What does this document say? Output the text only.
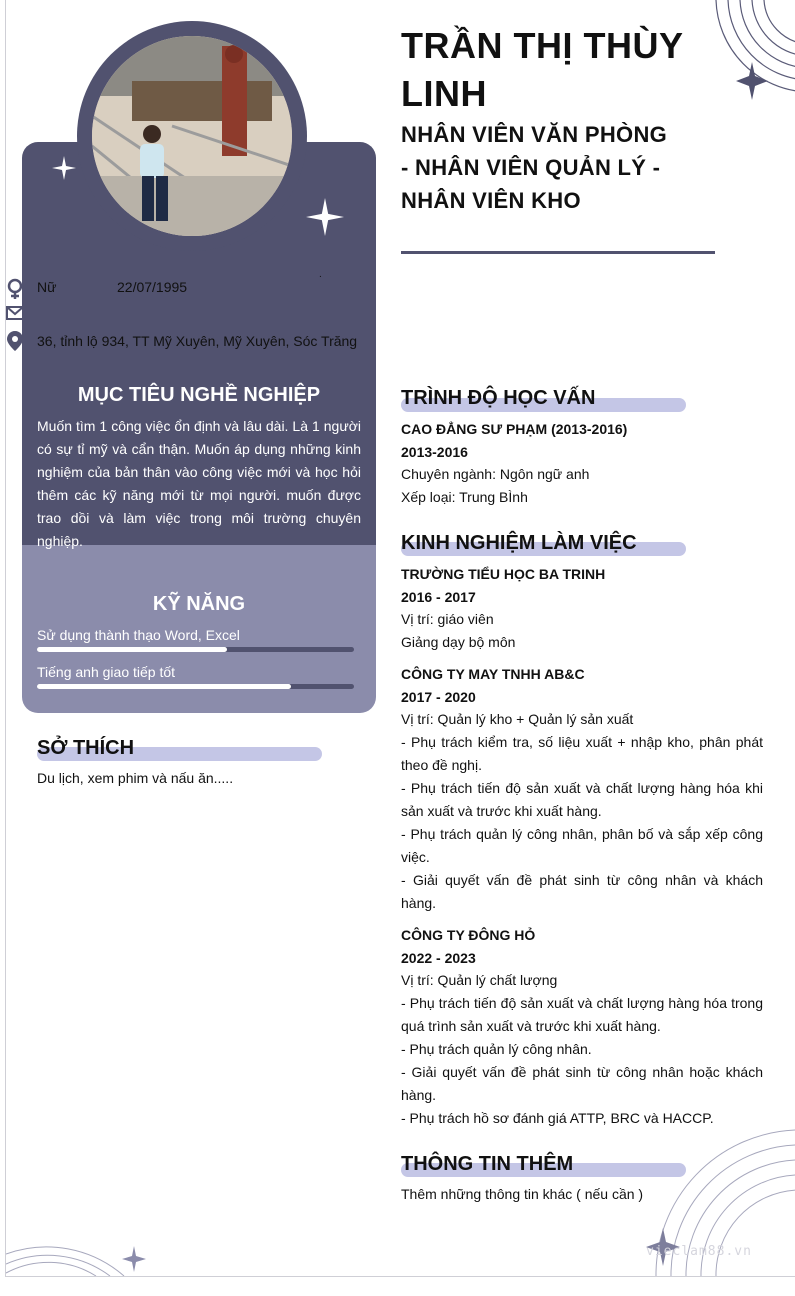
Nữ	22/07/1995
.
36, tỉnh lộ 934, TT Mỹ Xuyên, Mỹ Xuyên, Sóc Trăng
MỤC TIÊU NGHỀ NGHIỆP
Muốn tìm 1 công việc ổn định và lâu dài. Là 1 người có sự tỉ mỹ và cẩn thận. Muốn áp dụng những kinh nghiệm của bản thân vào công việc mới và học hỏi thêm các kỹ năng mới từ mọi người. muốn được trao dồi và làm việc trong môi trường chuyên nghiệp.
KỸ NĂNG
Sử dụng thành thạo Word, Excel
Tiếng anh giao tiếp tốt
SỞ THÍCH
Du lịch, xem phim và nấu ăn.....
TRẦN THỊ THÙY LINH
NHÂN VIÊN VĂN PHÒNG - NHÂN VIÊN QUẢN LÝ - NHÂN VIÊN KHO
TRÌNH ĐỘ HỌC VẤN
CAO ĐẲNG SƯ PHẠM (2013-2016)
2013-2016
Chuyên ngành: Ngôn ngữ anh
Xếp loại: Trung BÌnh
KINH NGHIỆM LÀM VIỆC
TRƯỜNG TIỂU HỌC BA TRINH
2016 - 2017
Vị trí: giáo viên
Giảng dạy bộ môn
CÔNG TY MAY TNHH AB&C
2017 - 2020
Vị trí: Quản lý kho + Quản lý sản xuất
- Phụ trách kiểm tra, số liệu xuất + nhập kho, phân phát theo đề nghị.
- Phụ trách tiến độ sản xuất và chất lượng hàng hóa khi sản xuất và trước khi xuất hàng.
- Phụ trách quản lý công nhân, phân bố và sắp xếp công việc.
- Giải quyết vấn đề phát sinh từ công nhân và khách hàng.
CÔNG TY ĐÔNG HỎ
2022 - 2023
Vị trí: Quản lý chất lượng
- Phụ trách tiến độ sản xuất và chất lượng hàng hóa trong quá trình sản xuất và trước khi xuất hàng.
- Phụ trách quản lý công nhân.
- Giải quyết vấn đề phát sinh từ công nhân hoặc khách hàng.
- Phụ trách hồ sơ đánh giá ATTP, BRC và HACCP.
THÔNG TIN THÊM
Thêm những thông tin khác ( nếu cần )
vieclam88.vn
